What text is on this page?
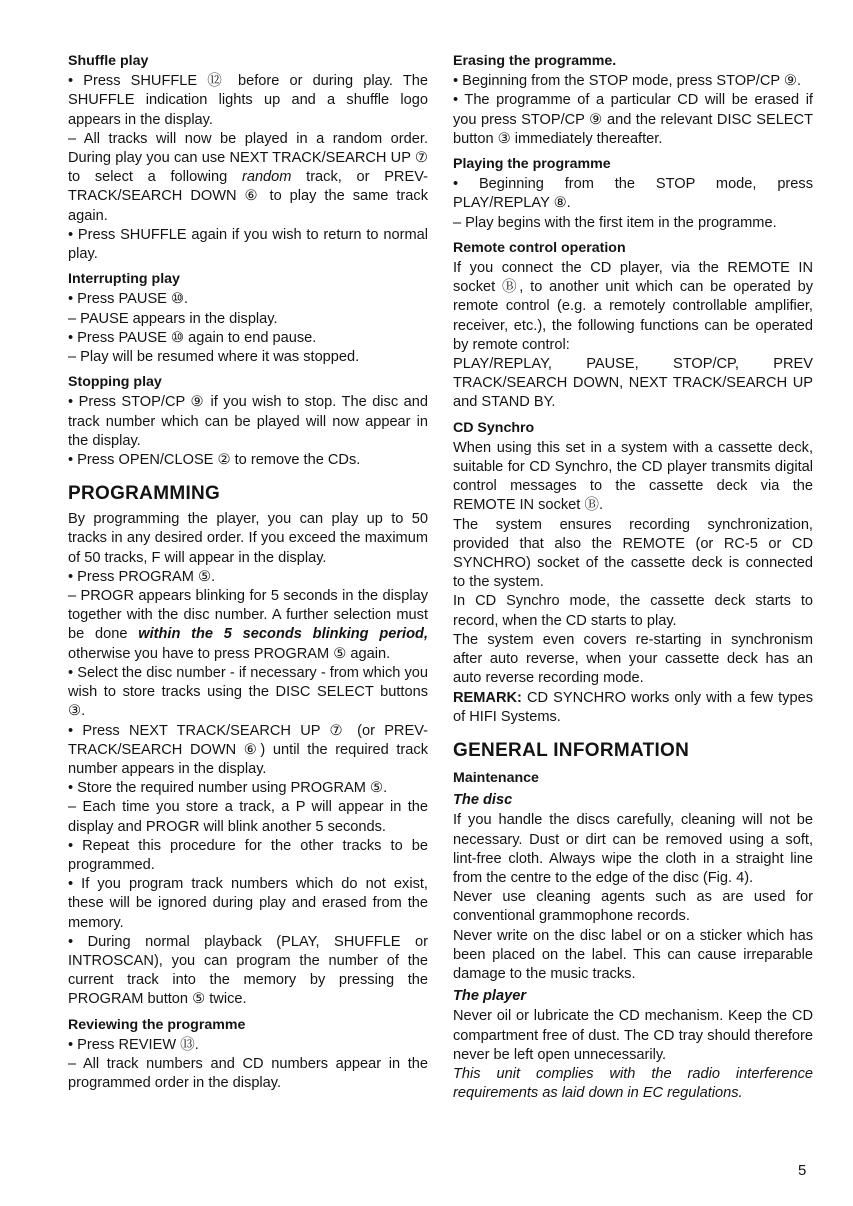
Shuffle play

• Press SHUFFLE ⑫ before or during play. The SHUFFLE indication lights up and a shuffle logo appears in the display.

– All tracks will now be played in a random order. During play you can use NEXT TRACK/SEARCH UP ⑦ to select a following random track, or PREV-TRACK/SEARCH DOWN ⑥ to play the same track again.

• Press SHUFFLE again if you wish to return to normal play.

Interrupting play

• Press PAUSE ⑩.

– PAUSE appears in the display.

• Press PAUSE ⑩ again to end pause.

– Play will be resumed where it was stopped.

Stopping play

• Press STOP/CP ⑨ if you wish to stop. The disc and track number which can be played will now appear in the display.

• Press OPEN/CLOSE ② to remove the CDs.

PROGRAMMING

By programming the player, you can play up to 50 tracks in any desired order. If you exceed the maximum of 50 tracks, F will appear in the display.

• Press PROGRAM ⑤.

– PROGR appears blinking for 5 seconds in the display together with the disc number. A further selection must be done within the 5 seconds blinking period, otherwise you have to press PROGRAM ⑤ again.

• Select the disc number - if necessary - from which you wish to store tracks using the DISC SELECT buttons ③.

• Press NEXT TRACK/SEARCH UP ⑦ (or PREV-TRACK/SEARCH DOWN ⑥) until the required track number appears in the display.

• Store the required number using PROGRAM ⑤.

– Each time you store a track, a P will appear in the display and PROGR will blink another 5 seconds.

• Repeat this procedure for the other tracks to be programmed.

• If you program track numbers which do not exist, these will be ignored during play and erased from the memory.

• During normal playback (PLAY, SHUFFLE or INTROSCAN), you can program the number of the current track into the memory by pressing the PROGRAM button ⑤ twice.

Reviewing the programme

• Press REVIEW ⑬.

– All track numbers and CD numbers appear in the programmed order in the display.

Erasing the programme.

• Beginning from the STOP mode, press STOP/CP ⑨.

• The programme of a particular CD will be erased if you press STOP/CP ⑨ and the relevant DISC SELECT button ③ immediately thereafter.

Playing the programme

• Beginning from the STOP mode, press PLAY/REPLAY ⑧.

– Play begins with the first item in the programme.

Remote control operation

If you connect the CD player, via the REMOTE IN socket Ⓑ, to another unit which can be operated by remote control (e.g. a remotely controllable amplifier, receiver, etc.), the following functions can be operated by remote control:

PLAY/REPLAY, PAUSE, STOP/CP, PREV TRACK/SEARCH DOWN, NEXT TRACK/SEARCH UP and STAND BY.

CD Synchro

When using this set in a system with a cassette deck, suitable for CD Synchro, the CD player transmits digital control messages to the cassette deck via the REMOTE IN socket Ⓑ.

The system ensures recording synchronization, provided that also the REMOTE (or RC-5 or CD SYNCHRO) socket of the cassette deck is connected to the system.

In CD Synchro mode, the cassette deck starts to record, when the CD starts to play.

The system even covers re-starting in synchronism after auto reverse, when your cassette deck has an auto reverse recording mode.

REMARK: CD SYNCHRO works only with a few types of HIFI Systems.

GENERAL INFORMATION

Maintenance

The disc

If you handle the discs carefully, cleaning will not be necessary. Dust or dirt can be removed using a soft, lint-free cloth. Always wipe the cloth in a straight line from the centre to the edge of the disc (Fig. 4).

Never use cleaning agents such as are used for conventional grammophone records.

Never write on the disc label or on a sticker which has been placed on the label. This can cause irreparable damage to the music tracks.

The player

Never oil or lubricate the CD mechanism. Keep the CD compartment free of dust. The CD tray should therefore never be left open unnecessarily.

This unit complies with the radio interference requirements as laid down in EC regulations.

5
